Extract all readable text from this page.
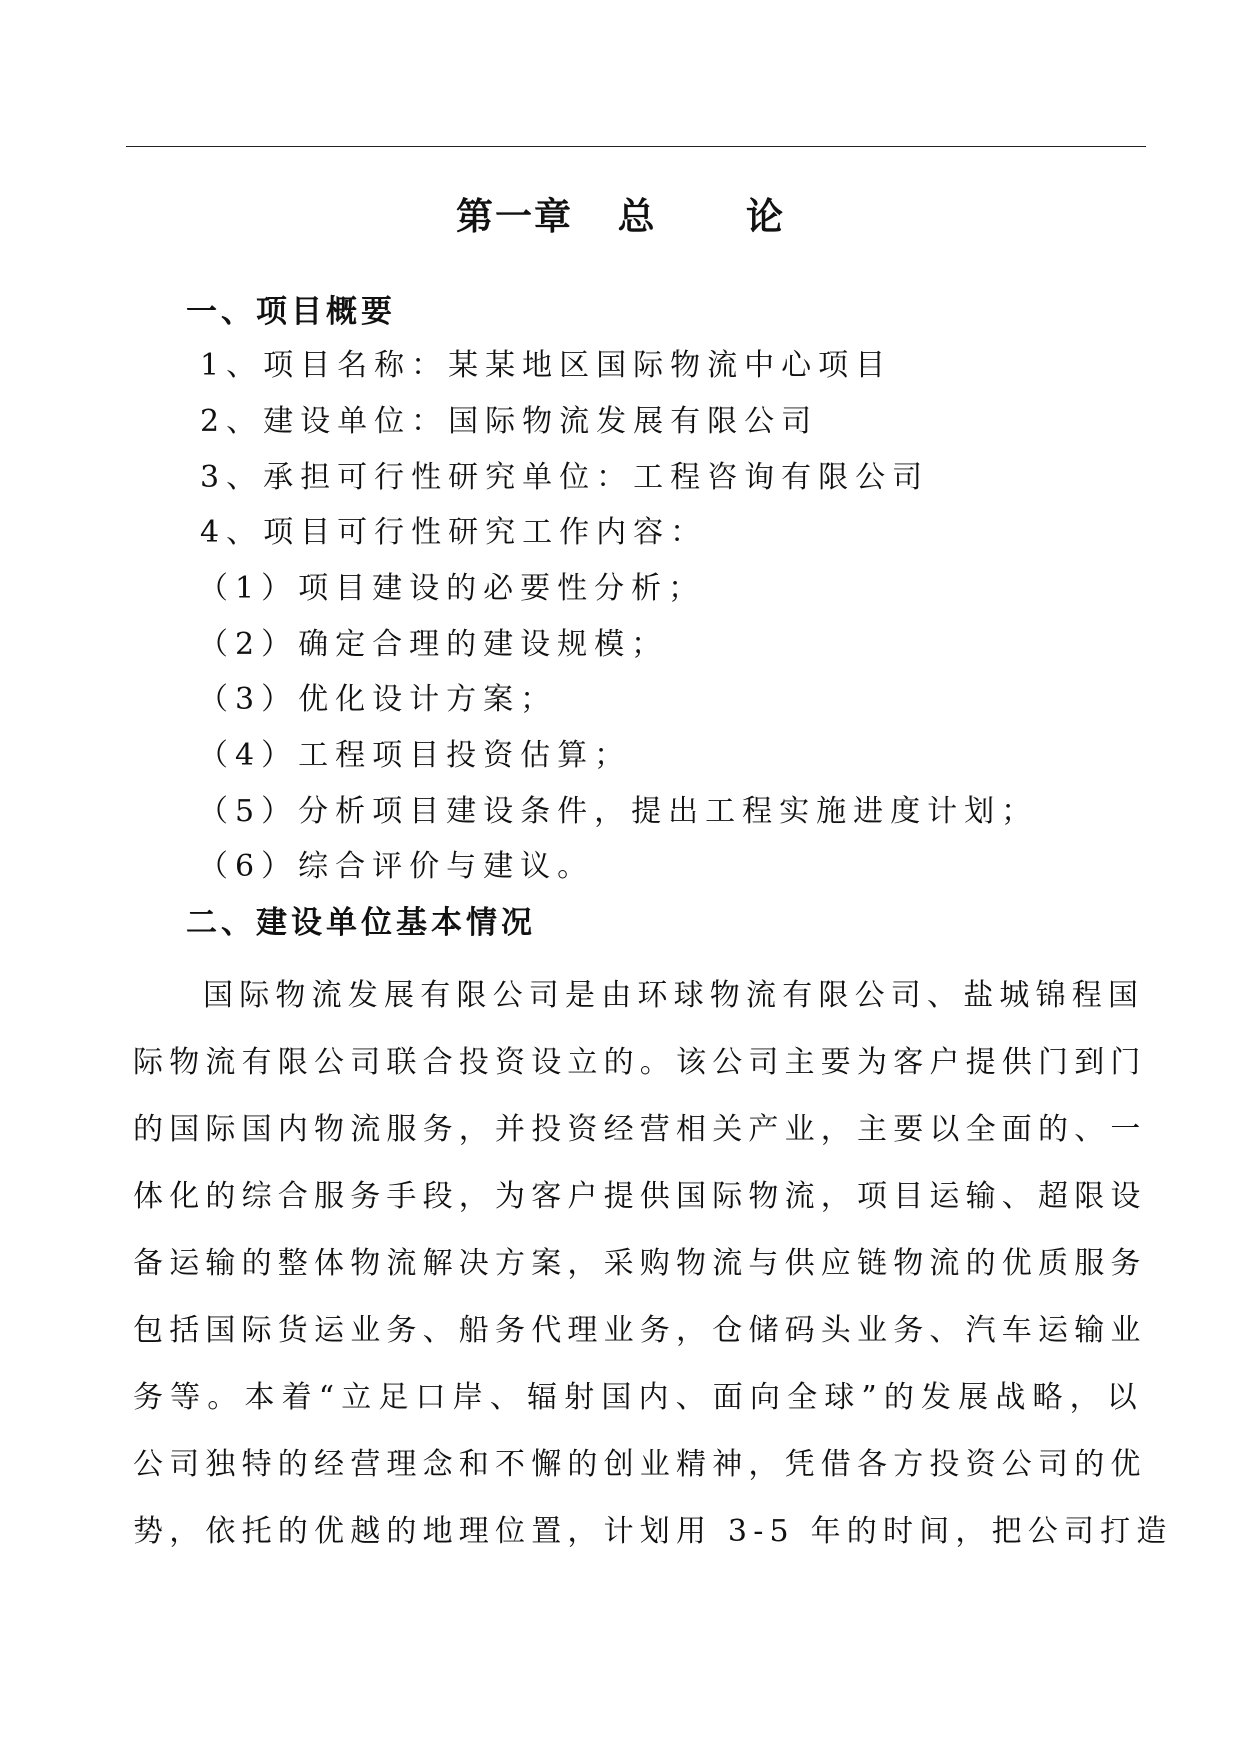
第一章   总      论
一、项目概要
1、项目名称：某某地区国际物流中心项目
2、建设单位：国际物流发展有限公司
3、承担可行性研究单位：工程咨询有限公司
4、项目可行性研究工作内容：
（1）项目建设的必要性分析；
（2）确定合理的建设规模；
（3）优化设计方案；
（4）工程项目投资估算；
（5）分析项目建设条件，提出工程实施进度计划；
（6）综合评价与建议。
二、建设单位基本情况
国际物流发展有限公司是由环球物流有限公司、盐城锦程国
际物流有限公司联合投资设立的。该公司主要为客户提供门到门
的国际国内物流服务，并投资经营相关产业，主要以全面的、一
体化的综合服务手段，为客户提供国际物流，项目运输、超限设
备运输的整体物流解决方案，采购物流与供应链物流的优质服务
包括国际货运业务、船务代理业务，仓储码头业务、汽车运输业
务等。本着“立足口岸、辐射国内、面向全球”的发展战略，以
公司独特的经营理念和不懈的创业精神，凭借各方投资公司的优
势，依托的优越的地理位置，计划用 3-5 年的时间，把公司打造
